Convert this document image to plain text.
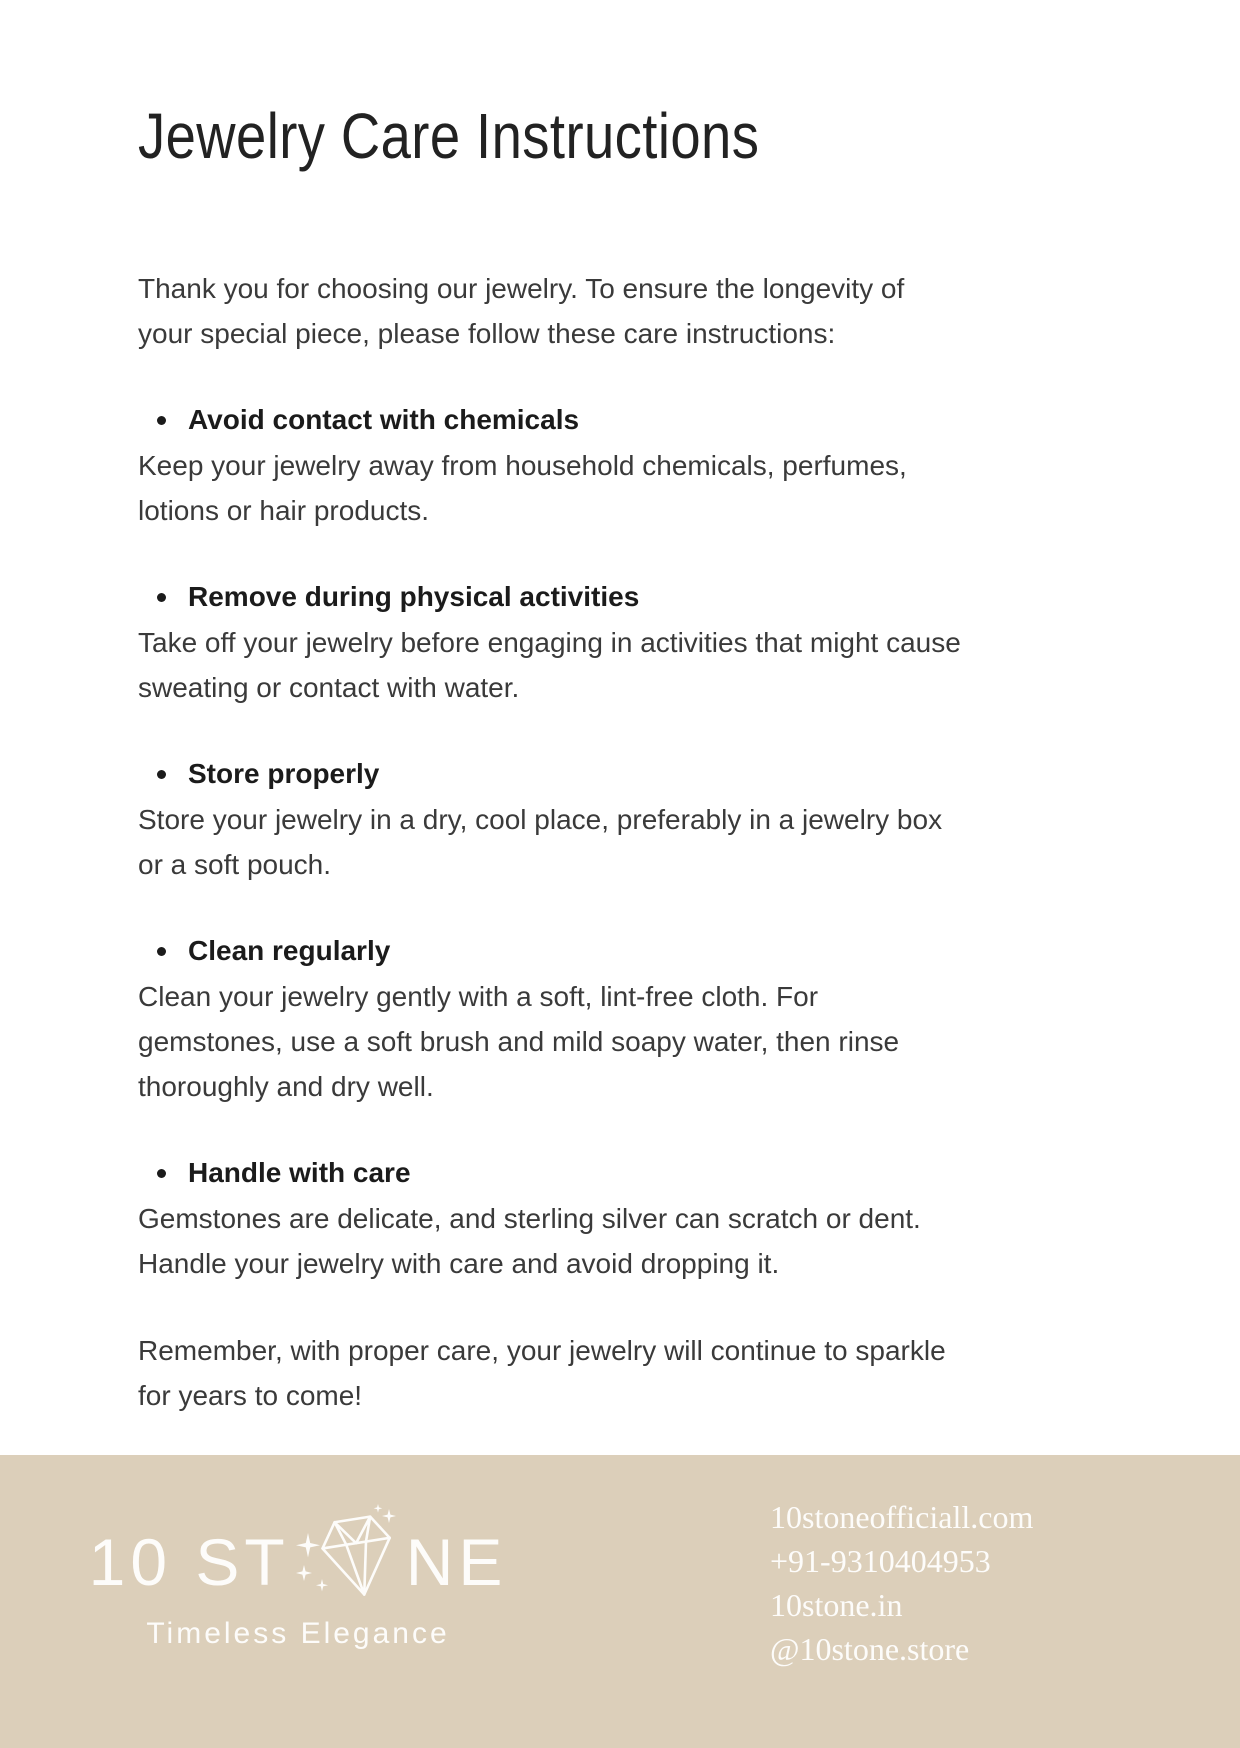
Jewelry Care Instructions
Thank you for choosing our jewelry. To ensure the longevity of
your special piece, please follow these care instructions:
Avoid contact with chemicals
Keep your jewelry away from household chemicals, perfumes,
lotions or hair products.
Remove during physical activities
Take off your jewelry before engaging in activities that might cause
sweating or contact with water.
Store properly
Store your jewelry in a dry, cool place, preferably in a jewelry box
or a soft pouch.
Clean regularly
Clean your jewelry gently with a soft, lint-free cloth. For
gemstones, use a soft brush and mild soapy water, then rinse
thoroughly and dry well.
Handle with care
Gemstones are delicate, and sterling silver can scratch or dent.
Handle your jewelry with care and avoid dropping it.
Remember, with proper care, your jewelry will continue to sparkle
for years to come!
10 ST NE
Timeless Elegance
10stoneofficiall.com
+91-9310404953
10stone.in
@10stone.store
